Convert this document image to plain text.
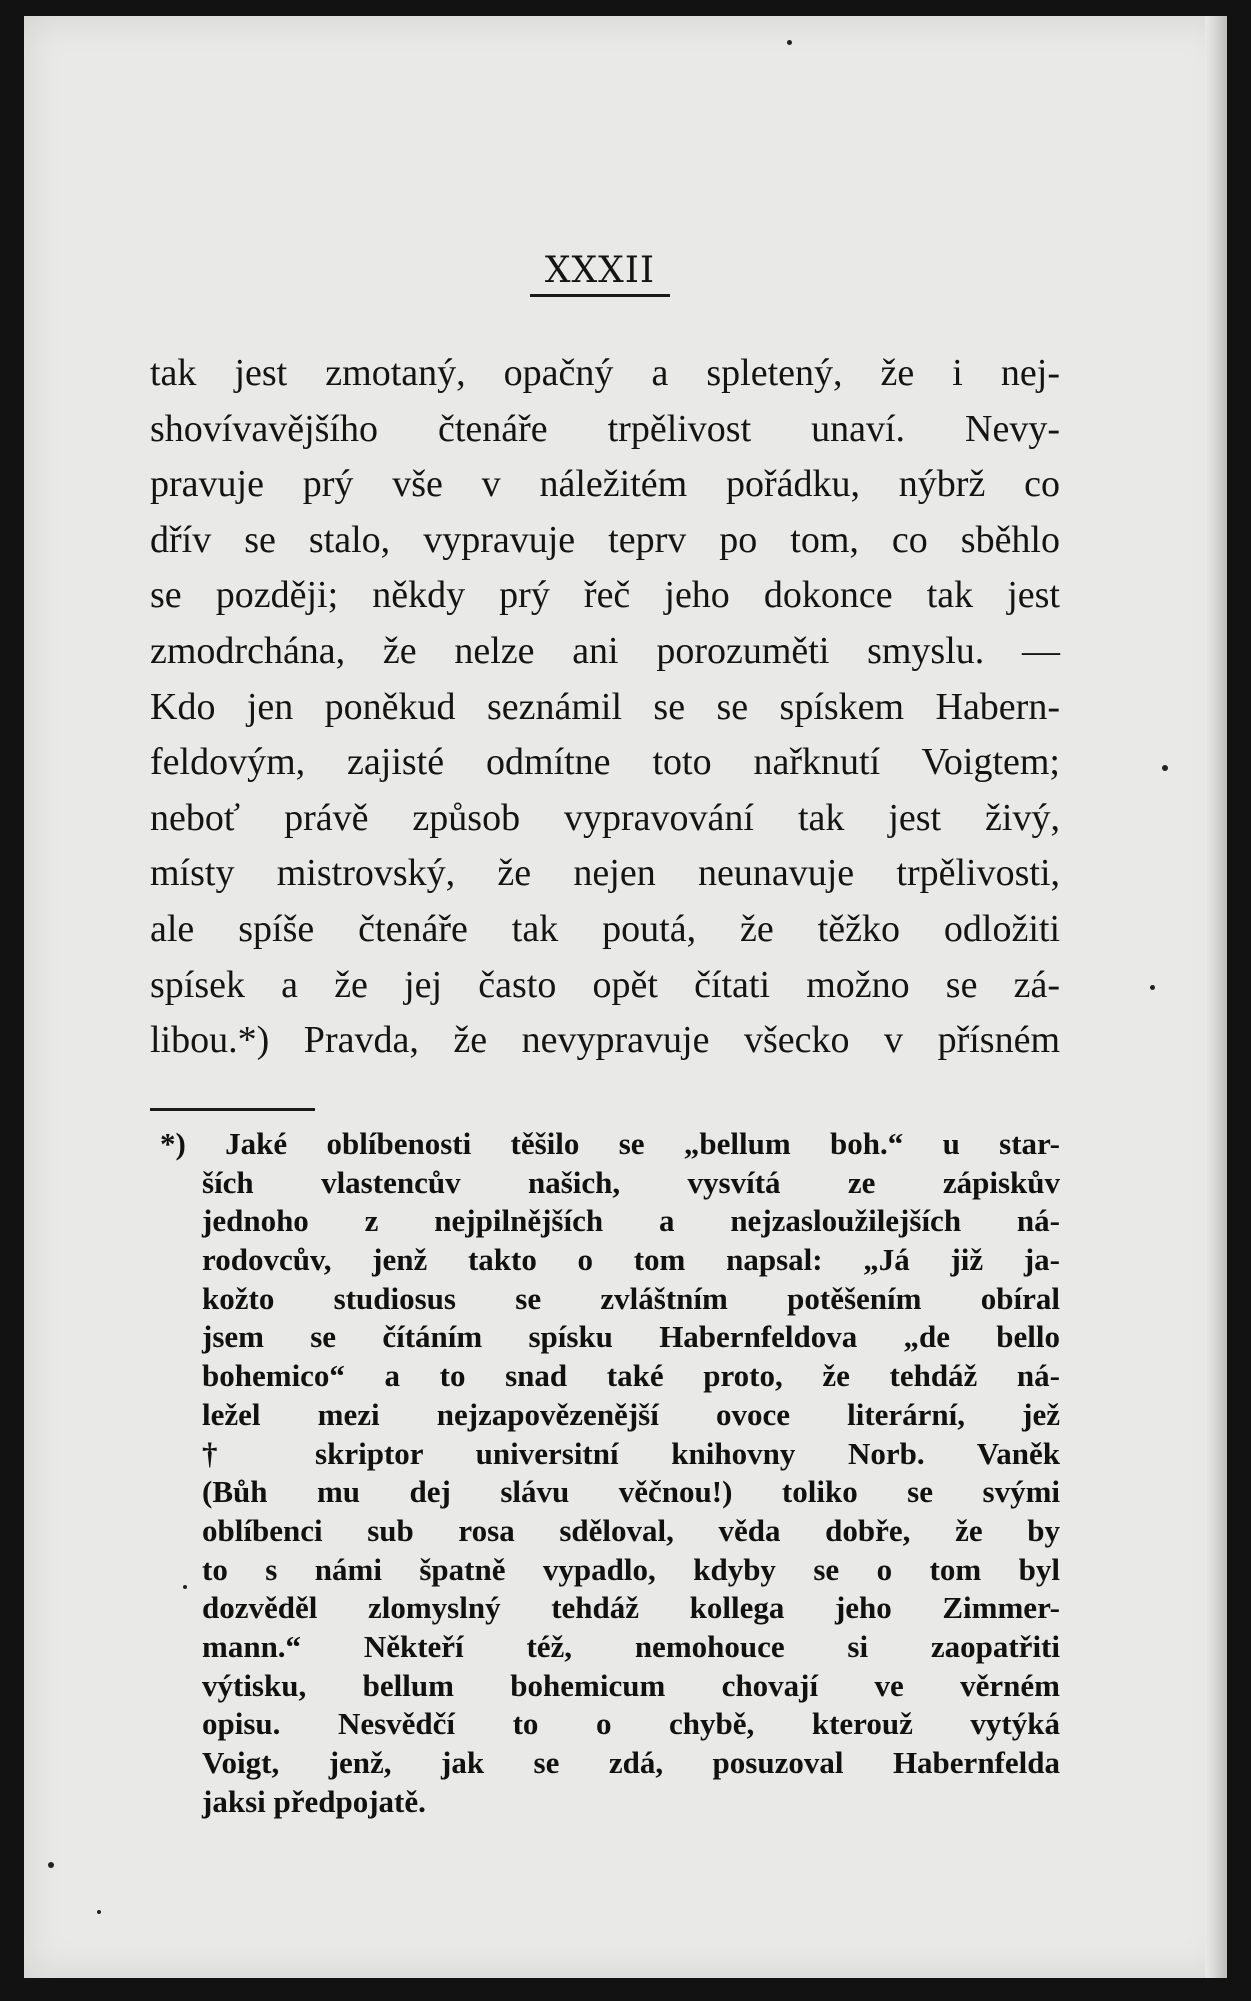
XXXII
tak jest zmotaný, opačný a spletený, že i nej-
shovívavějšího čtenáře trpělivost unaví. Nevy-
pravuje prý vše v náležitém pořádku, nýbrž co
dřív se stalo, vypravuje teprv po tom, co sběhlo
se později; někdy prý řeč jeho dokonce tak jest
zmodrchána, že nelze ani porozuměti smyslu. —
Kdo jen poněkud seznámil se se spískem Habern-
feldovým, zajisté odmítne toto nařknutí Voigtem;
neboť právě způsob vypravování tak jest živý,
místy mistrovský, že nejen neunavuje trpělivosti,
ale spíše čtenáře tak poutá, že těžko odložiti
spísek a že jej často opět čítati možno se zá-
libou.*) Pravda, že nevypravuje všecko v přísném
*) Jaké oblíbenosti těšilo se „bellum boh.“ u star-
ších vlastencův našich, vysvítá ze zápiskův
jednoho z nejpilnějších a nejzasloužilejších ná-
rodovcův, jenž takto o tom napsal: „Já již ja-
kožto studiosus se zvláštním potěšením obíral
jsem se čítáním spísku Habernfeldova „de bello
bohemico“ a to snad také proto, že tehdáž ná-
ležel mezi nejzapovězenější ovoce literární, jež
† skriptor universitní knihovny Norb. Vaněk
(Bůh mu dej slávu věčnou!) toliko se svými
oblíbenci sub rosa sděloval, věda dobře, že by
to s námi špatně vypadlo, kdyby se o tom byl
dozvěděl zlomyslný tehdáž kollega jeho Zimmer-
mann.“ Někteří též, nemohouce si zaopatřiti
výtisku, bellum bohemicum chovají ve věrném
opisu. Nesvědčí to o chybě, kterouž vytýká
Voigt, jenž, jak se zdá, posuzoval Habernfelda
jaksi předpojatě.
